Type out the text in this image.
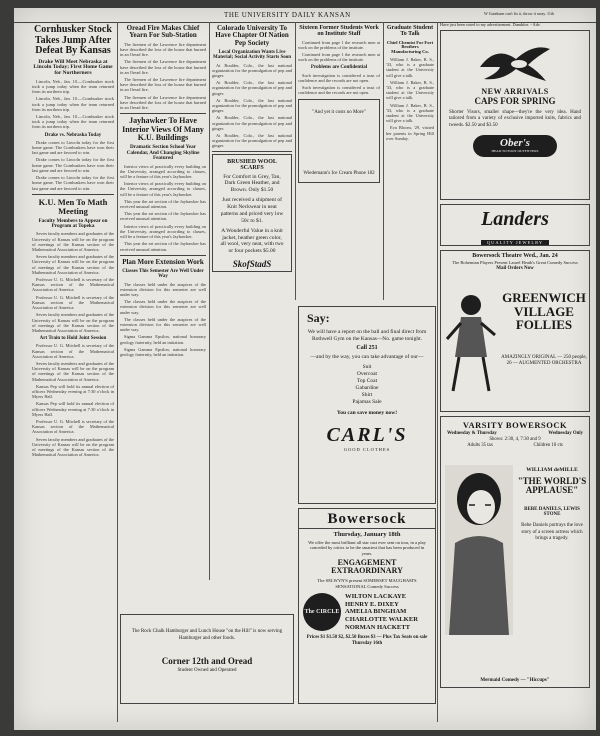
THE UNIVERSITY DAILY KANSAN	W Gutekune can't fix it, throw it away. 11th
Cornhusker Stock Takes Jump After Defeat By Kansas
Drake Will Meet Nebraska at Lincoln Today; First Home Game for Northerners

Lincoln, Neb., Jan. 10.—Cornhusker stock took a jump today when the team returned from its northern trip.

Lincoln, Neb., Jan. 10.—Cornhusker stock took a jump today when the team returned from its northern trip.

Lincoln, Neb., Jan. 10.—Cornhusker stock took a jump today when the team returned from its northern trip.

Drake vs. Nebraska Today

Drake comes to Lincoln today for the first home game. The Cornhuskers have won their last game and are favored to win.

Drake comes to Lincoln today for the first home game. The Cornhuskers have won their last game and are favored to win.

Drake comes to Lincoln today for the first home game. The Cornhuskers have won their last game and are favored to win.

K.U. Men To Math Meeting
Faculty Members to Appear on Program at Topeka

Seven faculty members and graduates of the University of Kansas will be on the program of meetings of the Kansas section of the Mathematical Association of America.

Seven faculty members and graduates of the University of Kansas will be on the program of meetings of the Kansas section of the Mathematical Association of America.

Professor U. G. Mitchell is secretary of the Kansas section of the Mathematical Association of America.

Professor U. G. Mitchell is secretary of the Kansas section of the Mathematical Association of America.

Seven faculty members and graduates of the University of Kansas will be on the program of meetings of the Kansas section of the Mathematical Association of America.

Art Train to Hold Joint Session

Professor U. G. Mitchell is secretary of the Kansas section of the Mathematical Association of America.

Seven faculty members and graduates of the University of Kansas will be on the program of meetings of the Kansas section of the Mathematical Association of America.

Kansas Pep will hold its annual election of officers Wednesday evening at 7:30 o'clock in Myers Hall.

Kansas Pep will hold its annual election of officers Wednesday evening at 7:30 o'clock in Myers Hall.

Professor U. G. Mitchell is secretary of the Kansas section of the Mathematical Association of America.

Seven faculty members and graduates of the University of Kansas will be on the program of meetings of the Kansas section of the Mathematical Association of America.

Oread Fire Makes Chief Yearn For Sub-Station

The firemen of the Lawrence fire department have described the loss of the house that burned in an Oread fire.

The firemen of the Lawrence fire department have described the loss of the house that burned in an Oread fire.

The firemen of the Lawrence fire department have described the loss of the house that burned in an Oread fire.

The firemen of the Lawrence fire department have described the loss of the house that burned in an Oread fire.

Jayhawker To Have Interior Views Of Many K.U. Buildings
Dramatic Section School Year Calendar, And Changing Skyline Featured

Interior views of practically every building on the University, arranged according to classes, will be a feature of this year's Jayhawker.

Interior views of practically every building on the University, arranged according to classes, will be a feature of this year's Jayhawker.

This year the art section of the Jayhawker has received unusual attention.

This year the art section of the Jayhawker has received unusual attention.

Interior views of practically every building on the University, arranged according to classes, will be a feature of this year's Jayhawker.

This year the art section of the Jayhawker has received unusual attention.

Plan More Extension Work
Classes This Semester Are Well Under Way

The classes held under the auspices of the extension division for this semester are well under way.

The classes held under the auspices of the extension division for this semester are well under way.

The classes held under the auspices of the extension division for this semester are well under way.

Sigma Gamma Epsilon, national honorary geology fraternity, held an initiation.

Sigma Gamma Epsilon, national honorary geology fraternity, held an initiation.

Colorado University To Have Chapter Of Nation Pep Society
Local Organization Wants Live Material; Social Activity Starts Soon

At Boulder, Colo., the last national organization for the promulgation of pep and ginger.

At Boulder, Colo., the last national organization for the promulgation of pep and ginger.

At Boulder, Colo., the last national organization for the promulgation of pep and ginger.

At Boulder, Colo., the last national organization for the promulgation of pep and ginger.

At Boulder, Colo., the last national organization for the promulgation of pep and ginger.

BRUSHED WOOL SCARFS
For Comfort in Grey, Tan, Dark Green Heather, and Brown. Only $1.50
Just received a shipment of Knit Neckwear in neat patterns and priced very low 50c to $1.
A Wonderful Value in a knit jacket, heather green color, all wool, very neat, with two or four pockets $5.00
SkofStadS
Sixteen Former Students Work on Institute Staff

Continued from page 1 the research men at work on the problems of the institute.

Continued from page 1 the research men at work on the problems of the institute.

Problems are Confidential

Such investigation is considered a trust of confidence and the records are not open.

Such investigation is considered a trust of confidence and the records are not open.

"And yet it costs no More"
Wiedemann's Ice Cream Phone 182
Graduate Student To Talk
Chief Chemist For Fort Brothers Manufacturing Co.

William J. Baker, B. S., '33, who is a graduate student at the University will give a talk.

William J. Baker, B. S., '33, who is a graduate student at the University will give a talk.

William J. Baker, B. S., '33, who is a graduate student at the University will give a talk.

Eva Bloom, '29, visited her parents in Spring Hill over Sunday.

Say:
We will have a report on the ball and final direct from Rothwell Gym on the Kansas—No. game tonight.
Call 251
—and by the way, you can take advantage of our—
Suit
Overcoat
Top Coat
Gabardine
Shirt
Pajamas Sale
You can save money now!
CARL'S
GOOD CLOTHES
Bowersock
Thursday, January 18th
We offer the most brilliant all star cast ever sent on tour, in a play conceded by critics to be the smartest that has been produced in years.
ENGAGEMENT EXTRAORDINARY
The SELWYN'S present SOMERSET MAUGHAM'S SENSATIONAL Comedy Success
The CIRCLE
WILTON LACKAYE
HENRY E. DIXEY
AMELIA BINGHAM
CHARLOTTE WALKER
NORMAN HACKETT
Prices $1 $1.50 $2, $2.50 Boxes $3 — Plus Tax Seats on sale Thursday 16th
The Rock Chalk Hamburger and Lunch House "on the Hill" is now serving Hamburger and other foods.
Corner 12th and Oread
Student Owned and Operated
Have just been voted to my advertisement. Dumbfoe. - Adv.
NEW ARRIVALS
CAPS FOR SPRING
Shorter Visors, smaller shape—they're the very idea. Hand tailored from a variety of exclusive imported knits, fabrics and tweeds. $2.50 and $3.50
Ober's
HEAD TO FOOT OUTFITTERS
Landers
QUALITY JEWELRY
Bowersock Theatre Wed., Jan. 24
The Bohemian Players Present Laurel Heath's Great Comedy Success
Mail Orders Now
GREENWICH VILLAGE FOLLIES
AMAZINGLY ORIGINAL — 250 people, 26 — AUGMENTED ORCHESTRA
VARSITY BOWERSOCK
Wednesday & Thursday	Wednesday Only
Shows: 2:30, 4, 7:30 and 9
Adults 35 tax	Children 10 cts
WILLIAM deMILLE
"THE WORLD'S APPLAUSE"
BEBE DANIELS, LEWIS STONE
Bebe Daniels portrays the love story of a screen actress which brings a tragedy.
Mermaid Comedy — "Hiccups"
